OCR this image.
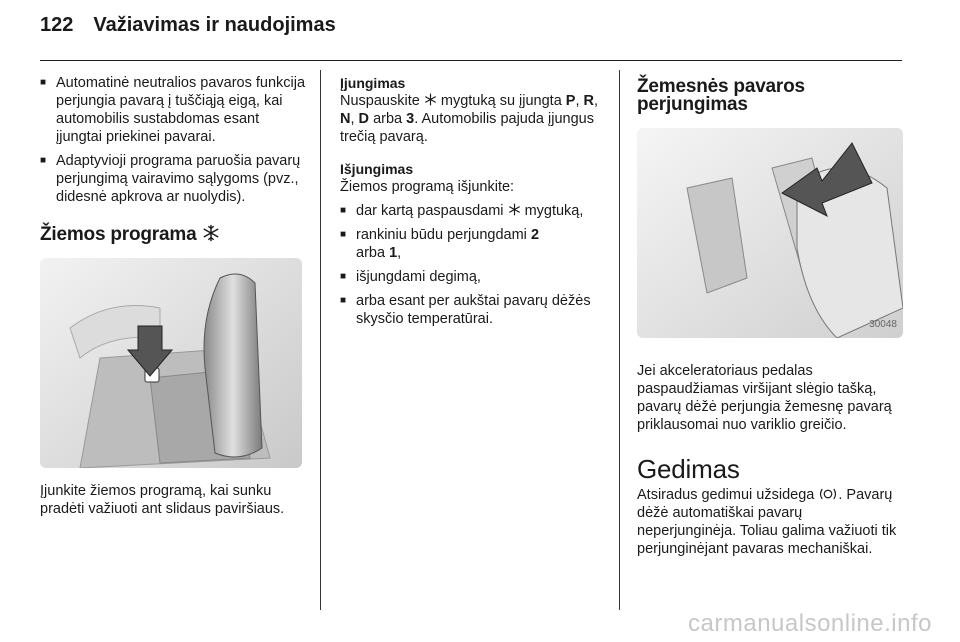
122 Važiavimas ir naudojimas
■ Automatinė neutralios pavaros funkcija perjungia pavarą į tuščiąją eigą, kai automobilis sustabdomas esant įjungtai priekinei pavarai.
■ Adaptyvioji programa paruošia pavarų perjungimą vairavimo sąlygoms (pvz., didesnė apkrova ar nuolydis).
Žiemos programa

Įjunkite žiemos programą, kai sunku pradėti važiuoti ant slidaus paviršiaus.

Įjungimas

Nuspauskite mygtuką su įjungta P, R, N, D arba 3. Automobilis pajuda įjungus trečią pavarą.

Išjungimas
Žiemos programą išjunkite:
■ dar kartą paspausdami mygtuką,
■ rankiniu būdu perjungdami 2
arba 1,
■ išjungdami degimą,
■ arba esant per aukštai pavarų dėžės skysčio temperatūrai.
Žemesnės pavaros perjungimas
30048

Jei akceleratoriaus pedalas paspaudžiamas viršijant slėgio tašką, pavarų dėžė perjungia žemesnę pavarą priklausomai nuo variklio greičio.

Gedimas

Atsiradus gedimui užsidega . Pavarų dėžė automatiškai pavarų neperjunginėja. Toliau galima važiuoti tik perjunginėjant pavaras mechaniškai.

carmanualsonline.info
